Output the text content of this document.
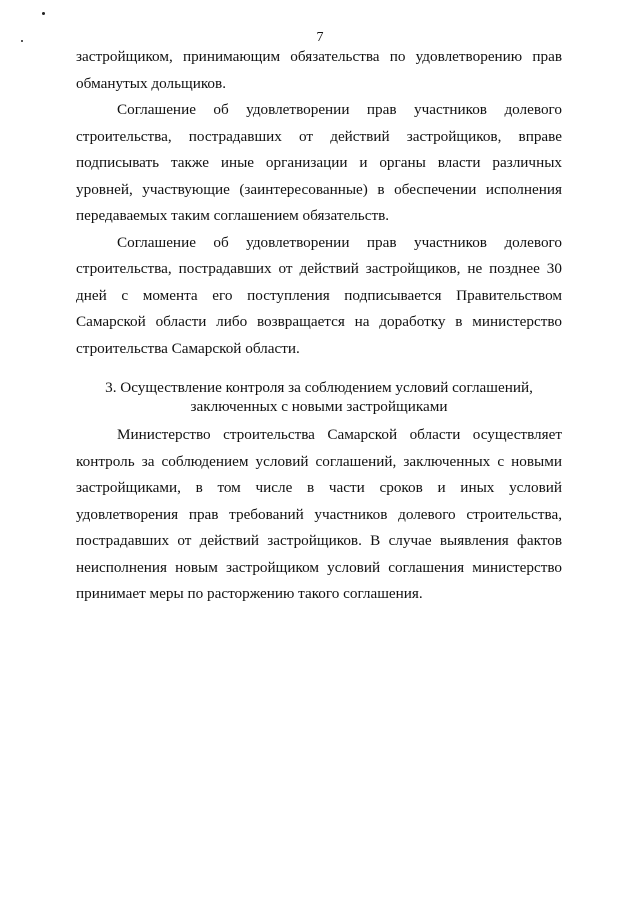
7

застройщиком, принимающим обязательства по удовлетворению прав обманутых дольщиков.

Соглашение об удовлетворении прав участников долевого строительства, пострадавших от действий застройщиков, вправе подписывать также иные организации и органы власти различных уровней, участвующие (заинтересованные) в обеспечении исполнения передаваемых таким соглашением обязательств.

Соглашение об удовлетворении прав участников долевого строительства, пострадавших от действий застройщиков, не позднее 30 дней с момента его поступления подписывается Правительством Самарской области либо возвращается на доработку в министерство строительства Самарской области.

3. Осуществление контроля за соблюдением условий соглашений,
заключенных с новыми застройщиками

Министерство строительства Самарской области осуществляет контроль за соблюдением условий соглашений, заключенных с новыми застройщиками, в том числе в части сроков и иных условий удовлетворения прав требований участников долевого строительства, пострадавших от действий застройщиков. В случае выявления фактов неисполнения новым застройщиком условий соглашения министерство принимает меры по расторжению такого соглашения.
